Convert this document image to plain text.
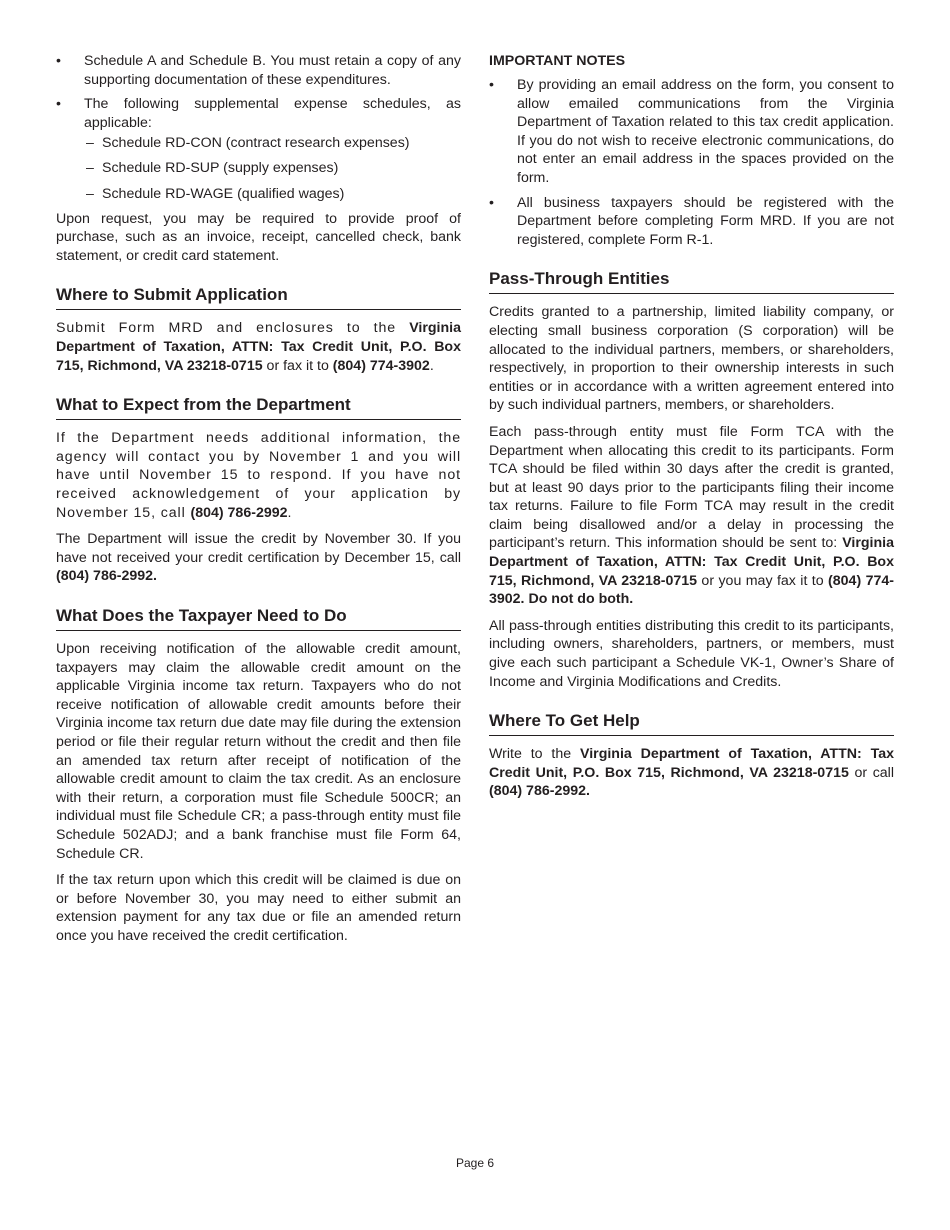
• Schedule A and Schedule B. You must retain a copy of any supporting documentation of these expenditures.
• The following supplemental expense schedules, as applicable:
– Schedule RD-CON (contract research expenses)
– Schedule RD-SUP (supply expenses)
– Schedule RD-WAGE (qualified wages)

Upon request, you may be required to provide proof of purchase, such as an invoice, receipt, cancelled check, bank statement, or credit card statement.

Where to Submit Application

Submit Form MRD and enclosures to the Virginia Department of Taxation, ATTN: Tax Credit Unit, P.O. Box 715, Richmond, VA 23218-0715 or fax it to (804) 774-3902.

What to Expect from the Department

If the Department needs additional information, the agency will contact you by November 1 and you will have until November 15 to respond. If you have not received acknowledgement of your application by November 15, call (804) 786-2992.

The Department will issue the credit by November 30. If you have not received your credit certification by December 15, call (804) 786-2992.

What Does the Taxpayer Need to Do

Upon receiving notification of the allowable credit amount, taxpayers may claim the allowable credit amount on the applicable Virginia income tax return. Taxpayers who do not receive notification of allowable credit amounts before their Virginia income tax return due date may file during the extension period or file their regular return without the credit and then file an amended tax return after receipt of notification of the allowable credit amount to claim the tax credit. As an enclosure with their return, a corporation must file Schedule 500CR; an individual must file Schedule CR; a pass-through entity must file Schedule 502ADJ; and a bank franchise must file Form 64, Schedule CR.

If the tax return upon which this credit will be claimed is due on or before November 30, you may need to either submit an extension payment for any tax due or file an amended return once you have received the credit certification.

IMPORTANT NOTES
• By providing an email address on the form, you consent to allow emailed communications from the Virginia Department of Taxation related to this tax credit application. If you do not wish to receive electronic communications, do not enter an email address in the spaces provided on the form.
• All business taxpayers should be registered with the Department before completing Form MRD. If you are not registered, complete Form R-1.
Pass-Through Entities

Credits granted to a partnership, limited liability company, or electing small business corporation (S corporation) will be allocated to the individual partners, members, or shareholders, respectively, in proportion to their ownership interests in such entities or in accordance with a written agreement entered into by such individual partners, members, or shareholders.

Each pass-through entity must file Form TCA with the Department when allocating this credit to its participants. Form TCA should be filed within 30 days after the credit is granted, but at least 90 days prior to the participants filing their income tax returns. Failure to file Form TCA may result in the credit claim being disallowed and/or a delay in processing the participant’s return. This information should be sent to: Virginia Department of Taxation, ATTN: Tax Credit Unit, P.O. Box 715, Richmond, VA 23218-0715 or you may fax it to (804) 774-3902. Do not do both.

All pass-through entities distributing this credit to its participants, including owners, shareholders, partners, or members, must give each such participant a Schedule VK-1, Owner’s Share of Income and Virginia Modifications and Credits.

Where To Get Help

Write to the Virginia Department of Taxation, ATTN: Tax Credit Unit, P.O. Box 715, Richmond, VA 23218-0715 or call (804) 786-2992.

Page 6
